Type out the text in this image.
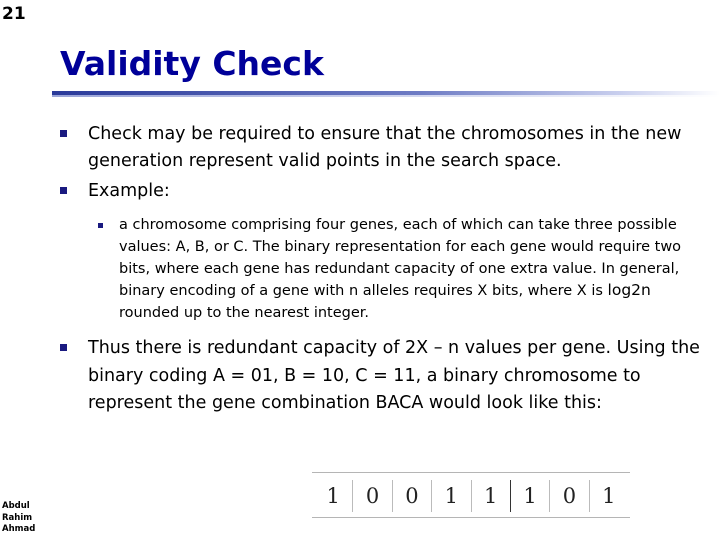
21
Validity Check
Check may be required to ensure that the chromosomes in the new generation represent valid points in the search space.
Example:
a chromosome comprising four genes, each of which can take three possible values: A, B, or C. The binary representation for each gene would require two bits, where each gene has redundant capacity of one extra value. In general, binary encoding of a gene with n alleles requires X bits, where X is log2n rounded up to the nearest integer.
Thus there is redundant capacity of 2X – n values per gene. Using the binary coding A = 01, B = 10, C = 11, a binary chromosome to represent the gene combination BACA would look like this:
1	0	0	1	1	1	0	1
Abdul
Rahim
Ahmad
